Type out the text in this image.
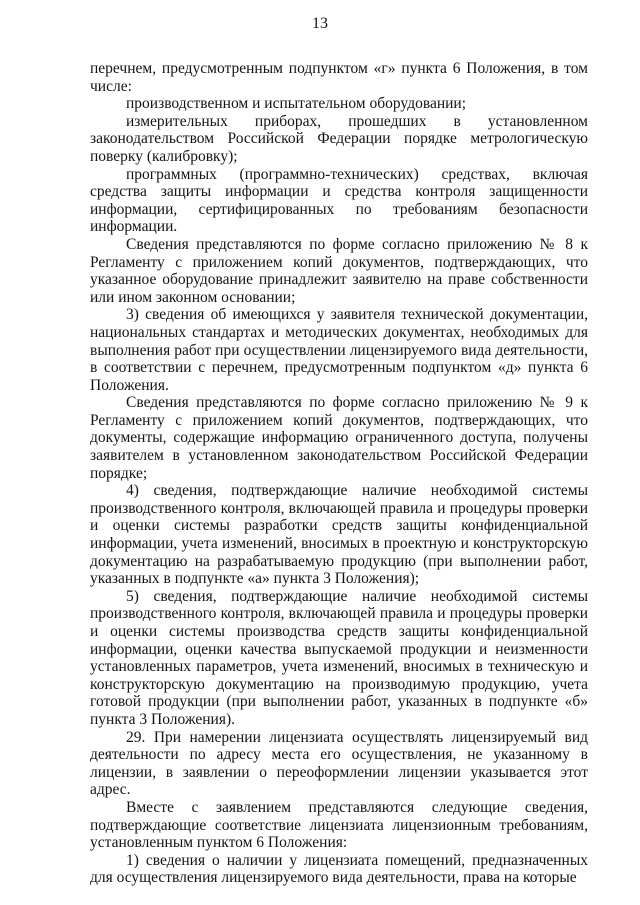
13

перечнем, предусмотренным подпунктом «г» пункта 6 Положения, в том числе:

производственном и испытательном оборудовании;

измерительных приборах, прошедших в установленном законодательством Российской Федерации порядке метрологическую поверку (калибровку);

программных (программно-технических) средствах, включая средства защиты информации и средства контроля защищенности информации, сертифицированных по требованиям безопасности информации.

Сведения представляются по форме согласно приложению № 8 к Регламенту с приложением копий документов, подтверждающих, что указанное оборудование принадлежит заявителю на праве собственности или ином законном основании;

3) сведения об имеющихся у заявителя технической документации, национальных стандартах и методических документах, необходимых для выполнения работ при осуществлении лицензируемого вида деятельности, в соответствии с перечнем, предусмотренным подпунктом «д» пункта 6 Положения.

Сведения представляются по форме согласно приложению № 9 к Регламенту с приложением копий документов, подтверждающих, что документы, содержащие информацию ограниченного доступа, получены заявителем в установленном законодательством Российской Федерации порядке;

4) сведения, подтверждающие наличие необходимой системы производственного контроля, включающей правила и процедуры проверки и оценки системы разработки средств защиты конфиденциальной информации, учета изменений, вносимых в проектную и конструкторскую документацию на разрабатываемую продукцию (при выполнении работ, указанных в подпункте «а» пункта 3 Положения);

5) сведения, подтверждающие наличие необходимой системы производственного контроля, включающей правила и процедуры проверки и оценки системы производства средств защиты конфиденциальной информации, оценки качества выпускаемой продукции и неизменности установленных параметров, учета изменений, вносимых в техническую и конструкторскую документацию на производимую продукцию, учета готовой продукции (при выполнении работ, указанных в подпункте «б» пункта 3 Положения).

29. При намерении лицензиата осуществлять лицензируемый вид деятельности по адресу места его осуществления, не указанному в лицензии, в заявлении о переоформлении лицензии указывается этот адрес.

Вместе с заявлением представляются следующие сведения, подтверждающие соответствие лицензиата лицензионным требованиям, установленным пунктом 6 Положения:

1) сведения о наличии у лицензиата помещений, предназначенных для осуществления лицензируемого вида деятельности, права на которые
